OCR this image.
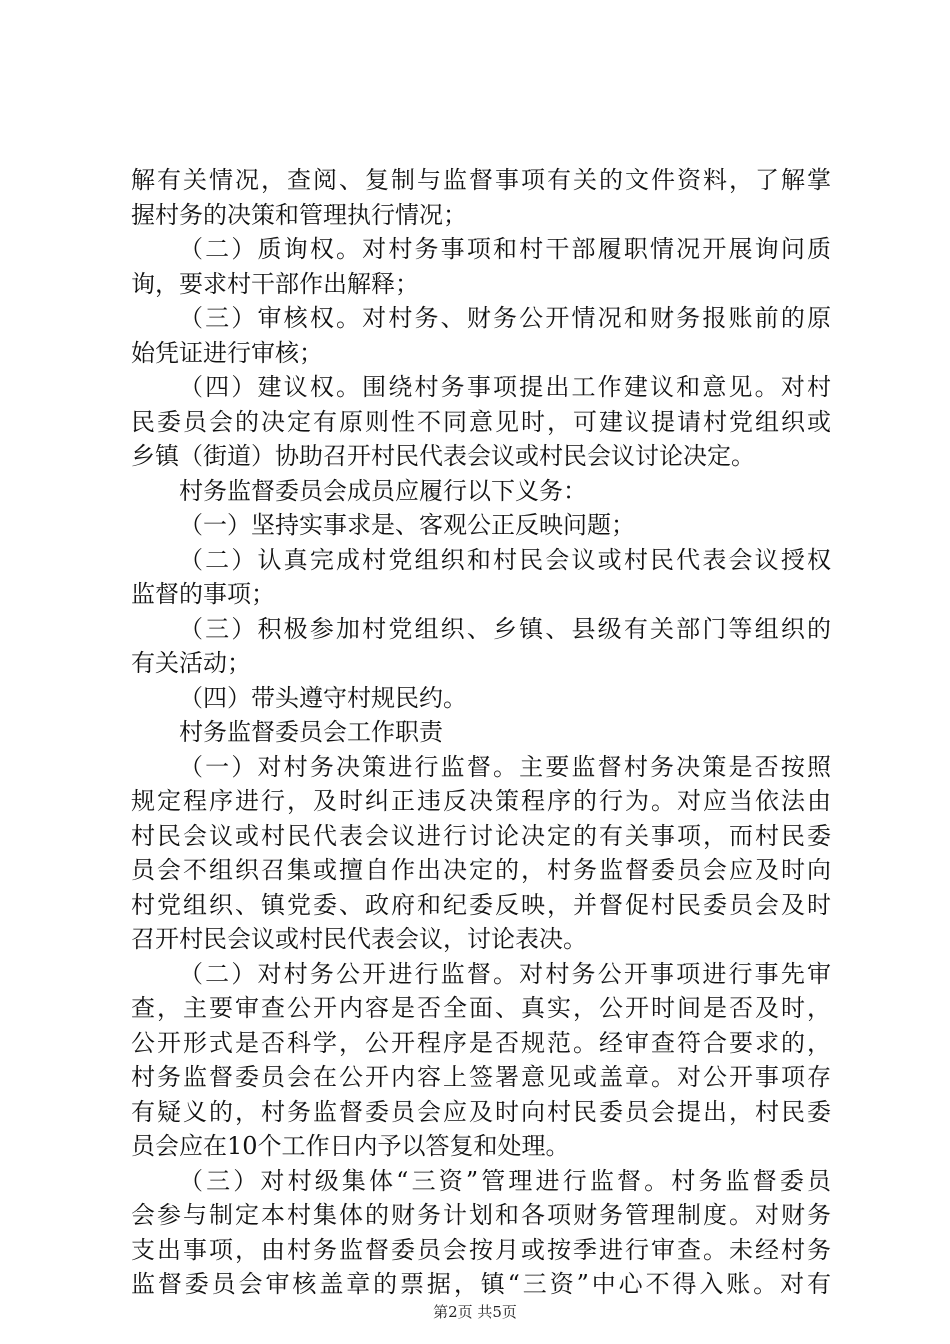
解有关情况，查阅、复制与监督事项有关的文件资料，了解掌
握村务的决策和管理执行情况；
（二）质询权。对村务事项和村干部履职情况开展询问质
询，要求村干部作出解释；
（三）审核权。对村务、财务公开情况和财务报账前的原
始凭证进行审核；
（四）建议权。围绕村务事项提出工作建议和意见。对村
民委员会的决定有原则性不同意见时，可建议提请村党组织或
乡镇（街道）协助召开村民代表会议或村民会议讨论决定。
村务监督委员会成员应履行以下义务：
（一）坚持实事求是、客观公正反映问题；
（二）认真完成村党组织和村民会议或村民代表会议授权
监督的事项；
（三）积极参加村党组织、乡镇、县级有关部门等组织的
有关活动；
（四）带头遵守村规民约。
村务监督委员会工作职责
（一）对村务决策进行监督。主要监督村务决策是否按照
规定程序进行，及时纠正违反决策程序的行为。对应当依法由
村民会议或村民代表会议进行讨论决定的有关事项，而村民委
员会不组织召集或擅自作出决定的，村务监督委员会应及时向
村党组织、镇党委、政府和纪委反映，并督促村民委员会及时
召开村民会议或村民代表会议，讨论表决。
（二）对村务公开进行监督。对村务公开事项进行事先审
查，主要审查公开内容是否全面、真实，公开时间是否及时，
公开形式是否科学，公开程序是否规范。经审查符合要求的，
村务监督委员会在公开内容上签署意见或盖章。对公开事项存
有疑义的，村务监督委员会应及时向村民委员会提出，村民委
员会应在10个工作日内予以答复和处理。
（三）对村级集体“三资”管理进行监督。村务监督委员
会参与制定本村集体的财务计划和各项财务管理制度。对财务
支出事项，由村务监督委员会按月或按季进行审查。未经村务
监督委员会审核盖章的票据，镇“三资”中心不得入账。对有
第2页 共5页
